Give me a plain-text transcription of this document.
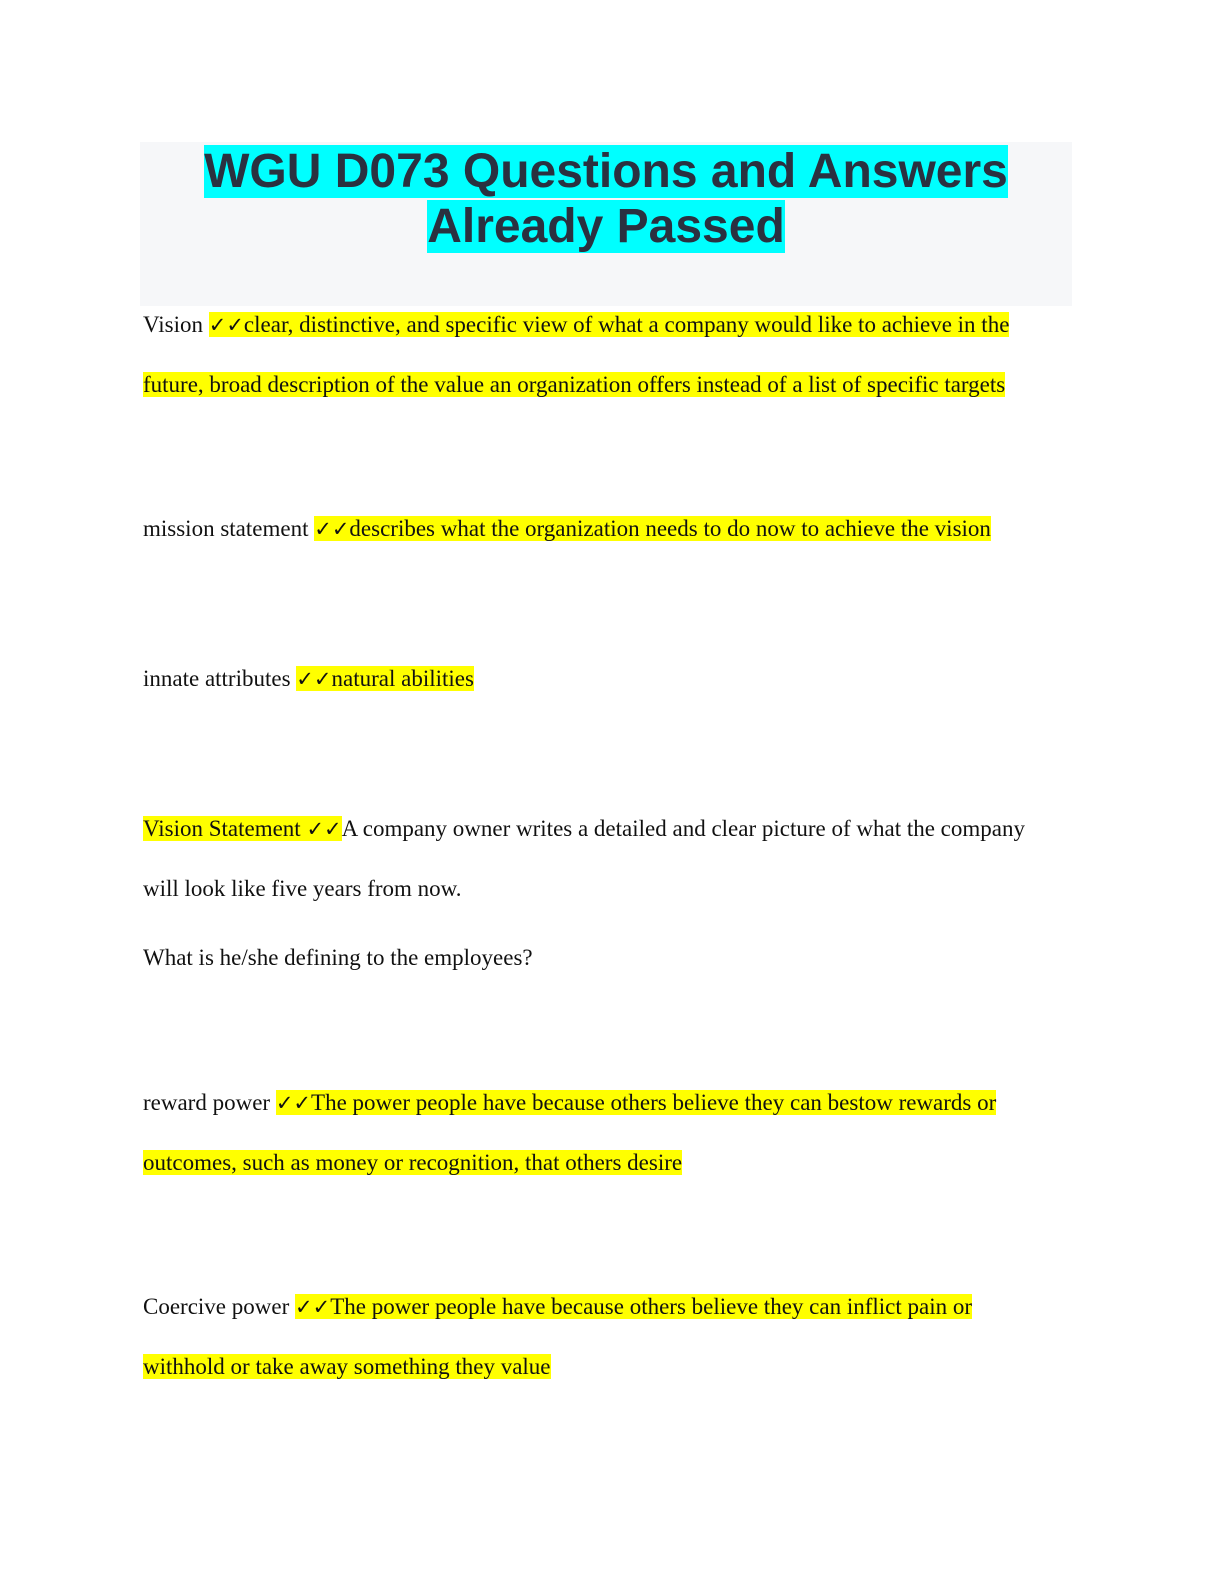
WGU D073 Questions and Answers
Already Passed

Vision ✓✓clear, distinctive, and specific view of what a company would like to achieve in the
future, broad description of the value an organization offers instead of a list of specific targets

mission statement ✓✓describes what the organization needs to do now to achieve the vision

innate attributes ✓✓natural abilities

Vision Statement ✓✓A company owner writes a detailed and clear picture of what the company
will look like five years from now.

What is he/she defining to the employees?

reward power ✓✓The power people have because others believe they can bestow rewards or
outcomes, such as money or recognition, that others desire

Coercive power ✓✓The power people have because others believe they can inflict pain or
withhold or take away something they value
